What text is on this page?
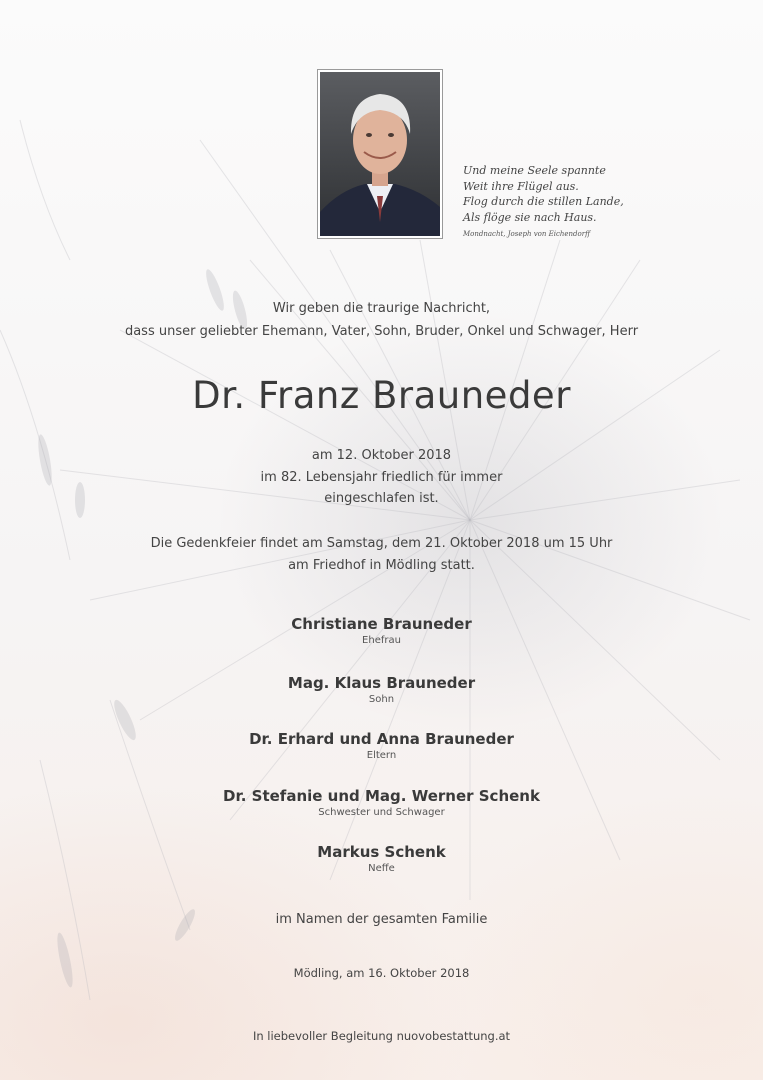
Und meine Seele spannte
Weit ihre Flügel aus.
Flog durch die stillen Lande,
Als flöge sie nach Haus.
Mondnacht, Joseph von Eichendorff
Wir geben die traurige Nachricht,
dass unser geliebter Ehemann, Vater, Sohn, Bruder, Onkel und Schwager, Herr
Dr. Franz Brauneder
am 12. Oktober 2018
im 82. Lebensjahr friedlich für immer
eingeschlafen ist.
Die Gedenkfeier findet am Samstag, dem 21. Oktober 2018 um 15 Uhr
am Friedhof in Mödling statt.
Christiane Brauneder
Ehefrau
Mag. Klaus Brauneder
Sohn
Dr. Erhard und Anna Brauneder
Eltern
Dr. Stefanie und Mag. Werner Schenk
Schwester und Schwager
Markus Schenk
Neffe
im Namen der gesamten Familie
Mödling, am 16. Oktober 2018
In liebevoller Begleitung nuovobestattung.at
